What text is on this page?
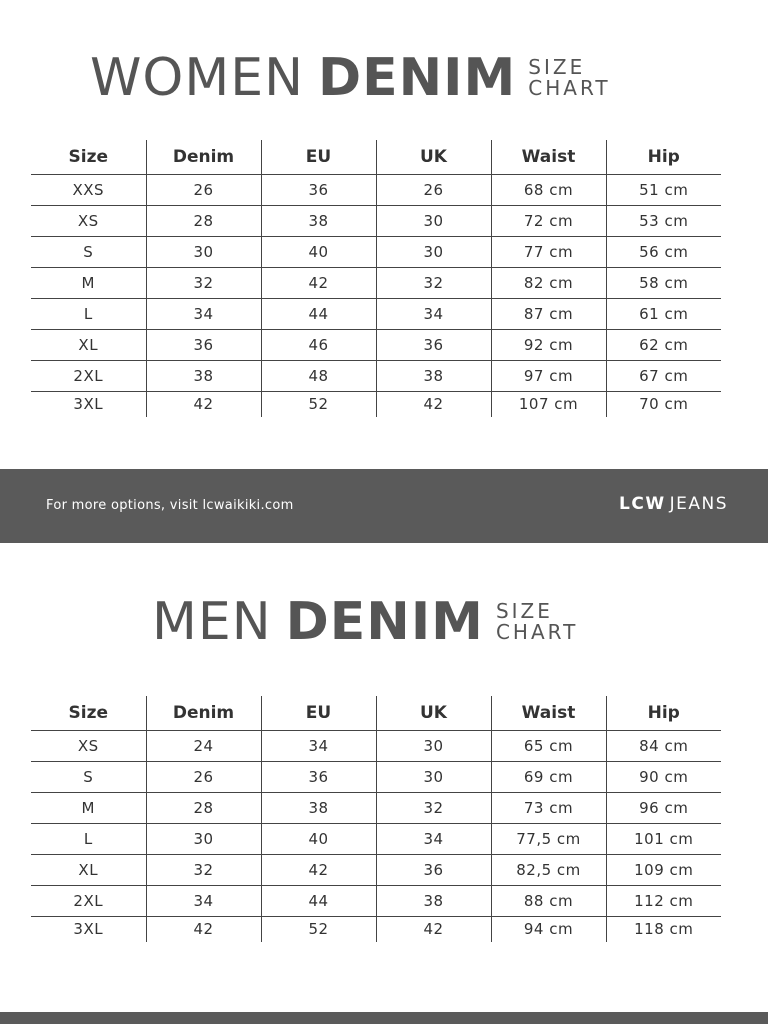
WOMEN DENIM SIZE
CHART
Size	Denim	EU	UK	Waist	Hip
XXS	26	36	26	68 cm	51 cm
XS	28	38	30	72 cm	53 cm
S	30	40	30	77 cm	56 cm
M	32	42	32	82 cm	58 cm
L	34	44	34	87 cm	61 cm
XL	36	46	36	92 cm	62 cm
2XL	38	48	38	97 cm	67 cm
3XL	42	52	42	107 cm	70 cm
For more options, visit lcwaikiki.com	LCW JEANS
MEN DENIM SIZE
CHART
Size	Denim	EU	UK	Waist	Hip
XS	24	34	30	65 cm	84 cm
S	26	36	30	69 cm	90 cm
M	28	38	32	73 cm	96 cm
L	30	40	34	77,5 cm	101 cm
XL	32	42	36	82,5 cm	109 cm
2XL	34	44	38	88 cm	112 cm
3XL	42	52	42	94 cm	118 cm
